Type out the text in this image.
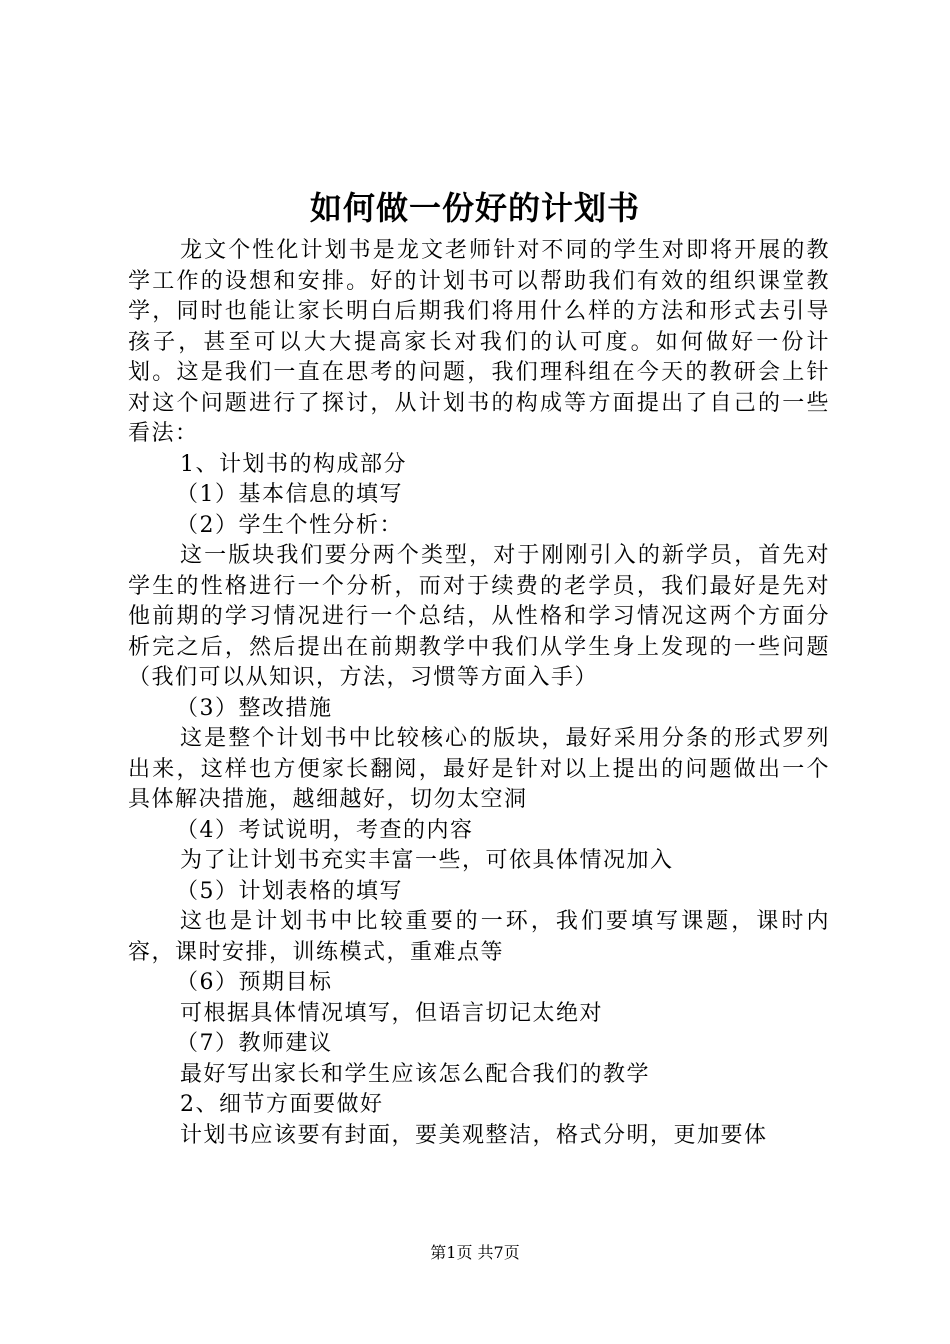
如何做一份好的计划书

龙文个性化计划书是龙文老师针对不同的学生对即将开展的教学工作的设想和安排。好的计划书可以帮助我们有效的组织课堂教学，同时也能让家长明白后期我们将用什么样的方法和形式去引导孩子，甚至可以大大提高家长对我们的认可度。如何做好一份计划。这是我们一直在思考的问题，我们理科组在今天的教研会上针对这个问题进行了探讨，从计划书的构成等方面提出了自己的一些看法：

1、计划书的构成部分

（1）基本信息的填写

（2）学生个性分析：

这一版块我们要分两个类型，对于刚刚引入的新学员，首先对学生的性格进行一个分析，而对于续费的老学员，我们最好是先对他前期的学习情况进行一个总结，从性格和学习情况这两个方面分析完之后，然后提出在前期教学中我们从学生身上发现的一些问题（我们可以从知识，方法，习惯等方面入手）

（3）整改措施

这是整个计划书中比较核心的版块，最好采用分条的形式罗列出来，这样也方便家长翻阅，最好是针对以上提出的问题做出一个具体解决措施，越细越好，切勿太空洞

（4）考试说明，考查的内容

为了让计划书充实丰富一些，可依具体情况加入

（5）计划表格的填写

这也是计划书中比较重要的一环，我们要填写课题，课时内容，课时安排，训练模式，重难点等

（6）预期目标

可根据具体情况填写，但语言切记太绝对

（7）教师建议

最好写出家长和学生应该怎么配合我们的教学

2、细节方面要做好

计划书应该要有封面，要美观整洁，格式分明，更加要体

第1页 共7页
